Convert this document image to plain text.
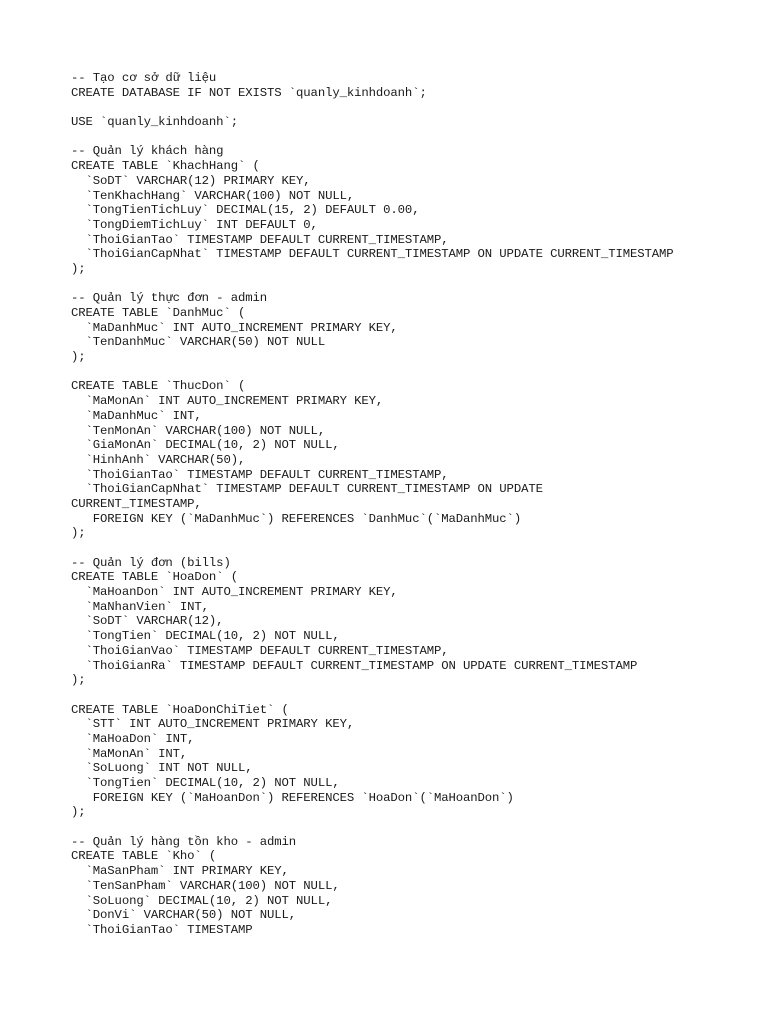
-- Tạo cơ sở dữ liệu
CREATE DATABASE IF NOT EXISTS `quanly_kinhdoanh`;
USE `quanly_kinhdoanh`;
-- Quản lý khách hàng
CREATE TABLE `KhachHang` (
`SoDT` VARCHAR(12) PRIMARY KEY,
`TenKhachHang` VARCHAR(100) NOT NULL,
`TongTienTichLuy` DECIMAL(15, 2) DEFAULT 0.00,
`TongDiemTichLuy` INT DEFAULT 0,
`ThoiGianTao` TIMESTAMP DEFAULT CURRENT_TIMESTAMP,
`ThoiGianCapNhat` TIMESTAMP DEFAULT CURRENT_TIMESTAMP ON UPDATE CURRENT_TIMESTAMP
);
-- Quản lý thực đơn - admin
CREATE TABLE `DanhMuc` (
`MaDanhMuc` INT AUTO_INCREMENT PRIMARY KEY,
`TenDanhMuc` VARCHAR(50) NOT NULL
);
CREATE TABLE `ThucDon` (
`MaMonAn` INT AUTO_INCREMENT PRIMARY KEY,
`MaDanhMuc` INT,
`TenMonAn` VARCHAR(100) NOT NULL,
`GiaMonAn` DECIMAL(10, 2) NOT NULL,
`HinhAnh` VARCHAR(50),
`ThoiGianTao` TIMESTAMP DEFAULT CURRENT_TIMESTAMP,
`ThoiGianCapNhat` TIMESTAMP DEFAULT CURRENT_TIMESTAMP ON UPDATE
CURRENT_TIMESTAMP,
FOREIGN KEY (`MaDanhMuc`) REFERENCES `DanhMuc`(`MaDanhMuc`)
);
-- Quản lý đơn (bills)
CREATE TABLE `HoaDon` (
`MaHoanDon` INT AUTO_INCREMENT PRIMARY KEY,
`MaNhanVien` INT,
`SoDT` VARCHAR(12),
`TongTien` DECIMAL(10, 2) NOT NULL,
`ThoiGianVao` TIMESTAMP DEFAULT CURRENT_TIMESTAMP,
`ThoiGianRa` TIMESTAMP DEFAULT CURRENT_TIMESTAMP ON UPDATE CURRENT_TIMESTAMP
);
CREATE TABLE `HoaDonChiTiet` (
`STT` INT AUTO_INCREMENT PRIMARY KEY,
`MaHoaDon` INT,
`MaMonAn` INT,
`SoLuong` INT NOT NULL,
`TongTien` DECIMAL(10, 2) NOT NULL,
FOREIGN KEY (`MaHoanDon`) REFERENCES `HoaDon`(`MaHoanDon`)
);
-- Quản lý hàng tồn kho - admin
CREATE TABLE `Kho` (
`MaSanPham` INT PRIMARY KEY,
`TenSanPham` VARCHAR(100) NOT NULL,
`SoLuong` DECIMAL(10, 2) NOT NULL,
`DonVi` VARCHAR(50) NOT NULL,
`ThoiGianTao` TIMESTAMP
